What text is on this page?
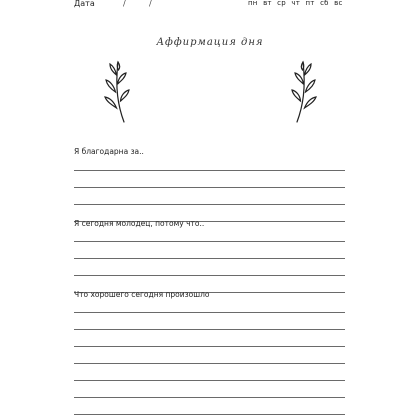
Дата	/	/	пн вт ср чт пт сб вс
Аффирмация дня
Я благодарна за..
Я сегодня молодец, потому что..
Что хорошего сегодня произошло
